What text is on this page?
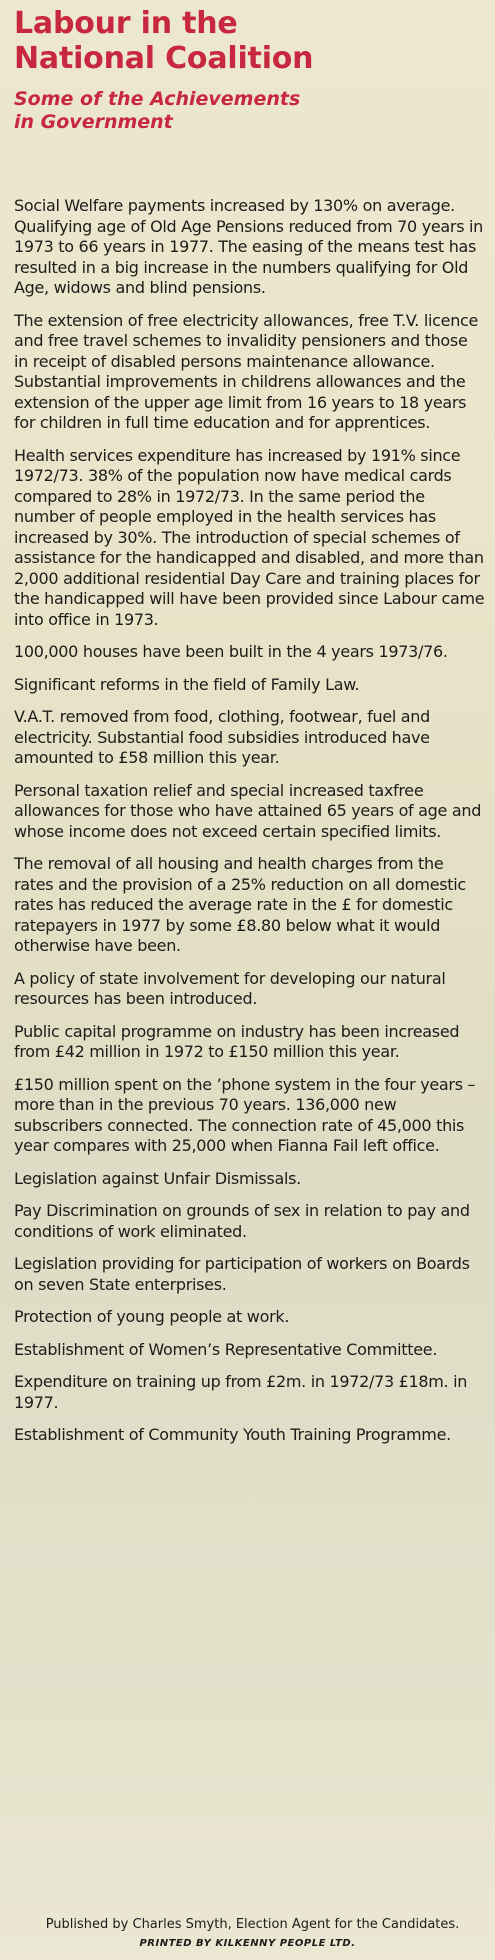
Labour in the
National Coalition
Some of the Achievements
in Government

Social Welfare payments increased by 130% on average. Qualifying age of Old Age Pensions reduced from 70 years in 1973 to 66 years in 1977. The easing of the means test has resulted in a big increase in the numbers qualifying for Old Age, widows and blind pensions.

The extension of free electricity allowances, free T.V. licence and free travel schemes to invalidity pensioners and those in receipt of disabled persons maintenance allowance. Substantial improvements in childrens allowances and the extension of the upper age limit from 16 years to 18 years for children in full time education and for apprentices.

Health services expenditure has increased by 191% since 1972/73. 38% of the population now have medical cards compared to 28% in 1972/73. In the same period the number of people employed in the health services has increased by 30%. The introduction of special schemes of assistance for the handicapped and disabled, and more than 2,000 additional residential Day Care and training places for the handicapped will have been provided since Labour came into office in 1973.

100,000 houses have been built in the 4 years 1973/76.

Significant reforms in the field of Family Law.

V.A.T. removed from food, clothing, footwear, fuel and electricity. Substantial food subsidies introduced have amounted to £58 million this year.

Personal taxation relief and special increased taxfree allowances for those who have attained 65 years of age and whose income does not exceed certain specified limits.

The removal of all housing and health charges from the rates and the provision of a 25% reduction on all domestic rates has reduced the average rate in the £ for domestic ratepayers in 1977 by some £8.80 below what it would otherwise have been.

A policy of state involvement for developing our natural resources has been introduced.

Public capital programme on industry has been increased from £42 million in 1972 to £150 million this year.

£150 million spent on the ’phone system in the four years – more than in the previous 70 years. 136,000 new subscribers connected. The connection rate of 45,000 this year compares with 25,000 when Fianna Fail left office.

Legislation against Unfair Dismissals.

Pay Discrimination on grounds of sex in relation to pay and conditions of work eliminated.

Legislation providing for participation of workers on Boards on seven State enterprises.

Protection of young people at work.

Establishment of Women’s Representative Committee.

Expenditure on training up from £2m. in 1972/73 £18m. in 1977.

Establishment of Community Youth Training Programme.

Published by Charles Smyth, Election Agent for the Candidates.

PRINTED BY KILKENNY PEOPLE LTD.
